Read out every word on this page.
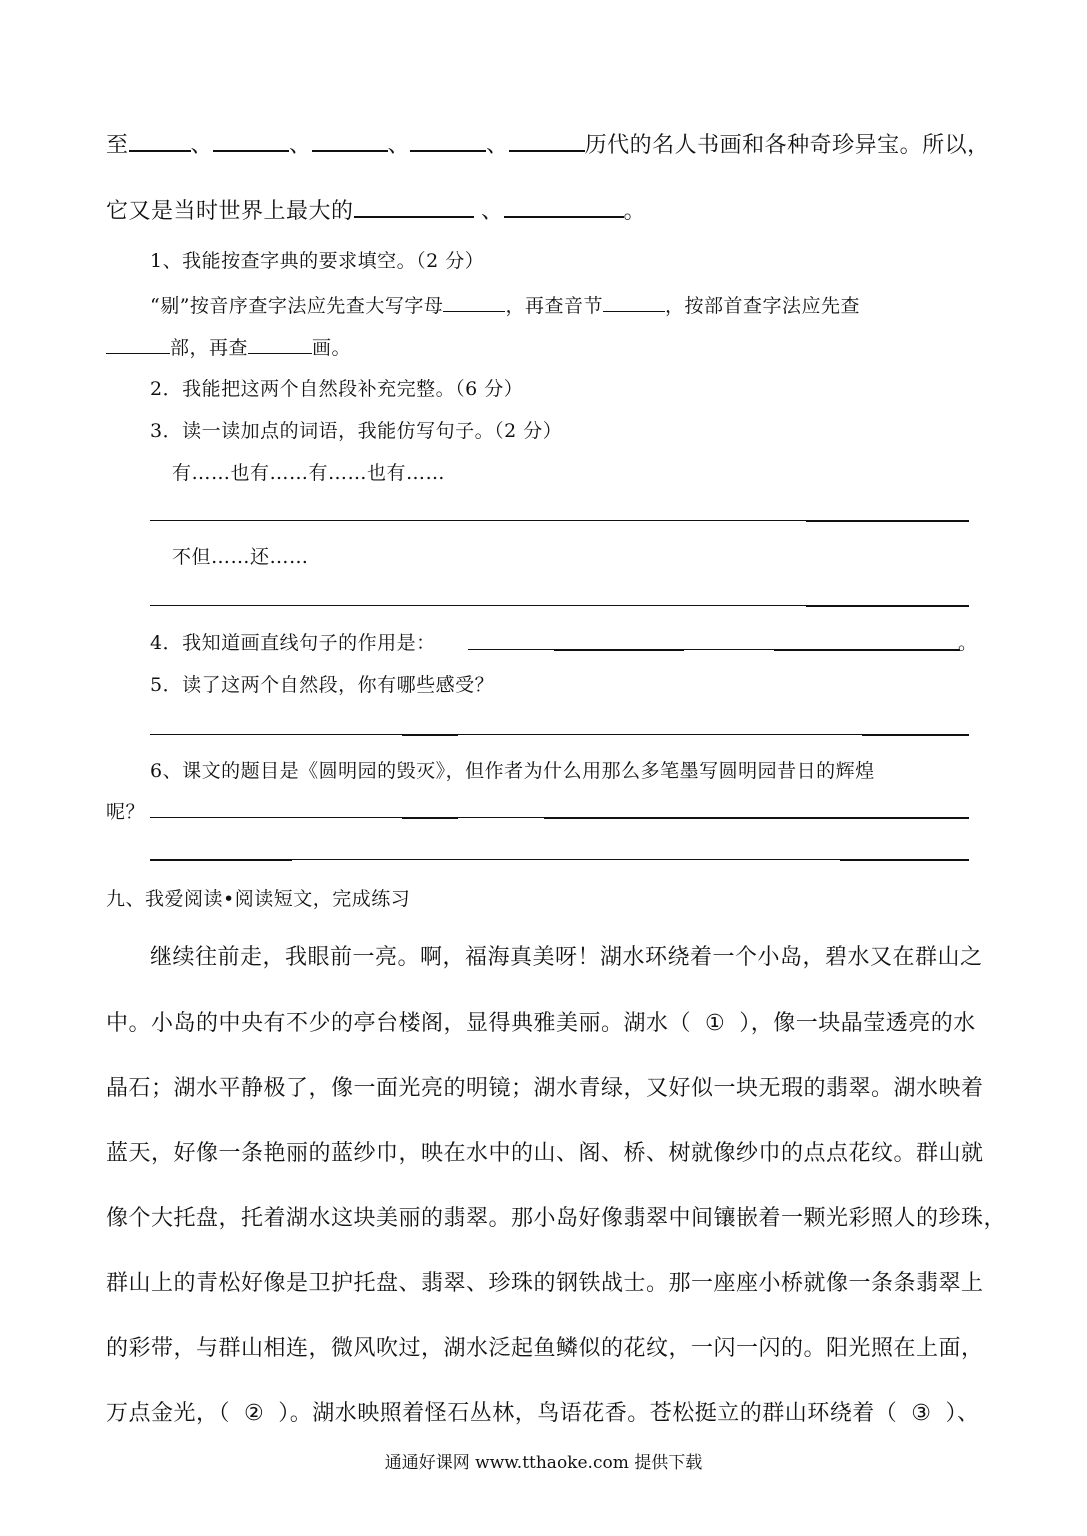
至	、	、	、	、	历代的名人书画和各种奇珍异宝。所以，
它又是当时世界上最大的	、	。
1、我能按查字典的要求填空。（2 分）
“剔”按音序查字法应先查大写字母	，再查音节	，按部首查字法应先查
部，再查	画。
2．我能把这两个自然段补充完整。（6 分）
3．读一读加点的词语，我能仿写句子。（2 分）
有……也有……有……也有……
不但……还……
4．我知道画直线句子的作用是：	。
5．读了这两个自然段，你有哪些感受？
6、课文的题目是《圆明园的毁灭》，但作者为什么用那么多笔墨写圆明园昔日的辉煌
呢？
九、我爱阅读•阅读短文，完成练习
继续往前走，我眼前一亮。啊，福海真美呀！湖水环绕着一个小岛，碧水又在群山之
中。小岛的中央有不少的亭台楼阁，显得典雅美丽。湖水（ ① ），像一块晶莹透亮的水
晶石；湖水平静极了，像一面光亮的明镜；湖水青绿，又好似一块无瑕的翡翠。湖水映着
蓝天，好像一条艳丽的蓝纱巾，映在水中的山、阁、桥、树就像纱巾的点点花纹。群山就
像个大托盘，托着湖水这块美丽的翡翠。那小岛好像翡翠中间镶嵌着一颗光彩照人的珍珠，
群山上的青松好像是卫护托盘、翡翠、珍珠的钢铁战士。那一座座小桥就像一条条翡翠上
的彩带，与群山相连，微风吹过，湖水泛起鱼鳞似的花纹，一闪一闪的。阳光照在上面，
万点金光，（ ② ）。湖水映照着怪石丛林，鸟语花香。苍松挺立的群山环绕着（ ③ ）、
通通好课网 www.tthaoke.com 提供下载
